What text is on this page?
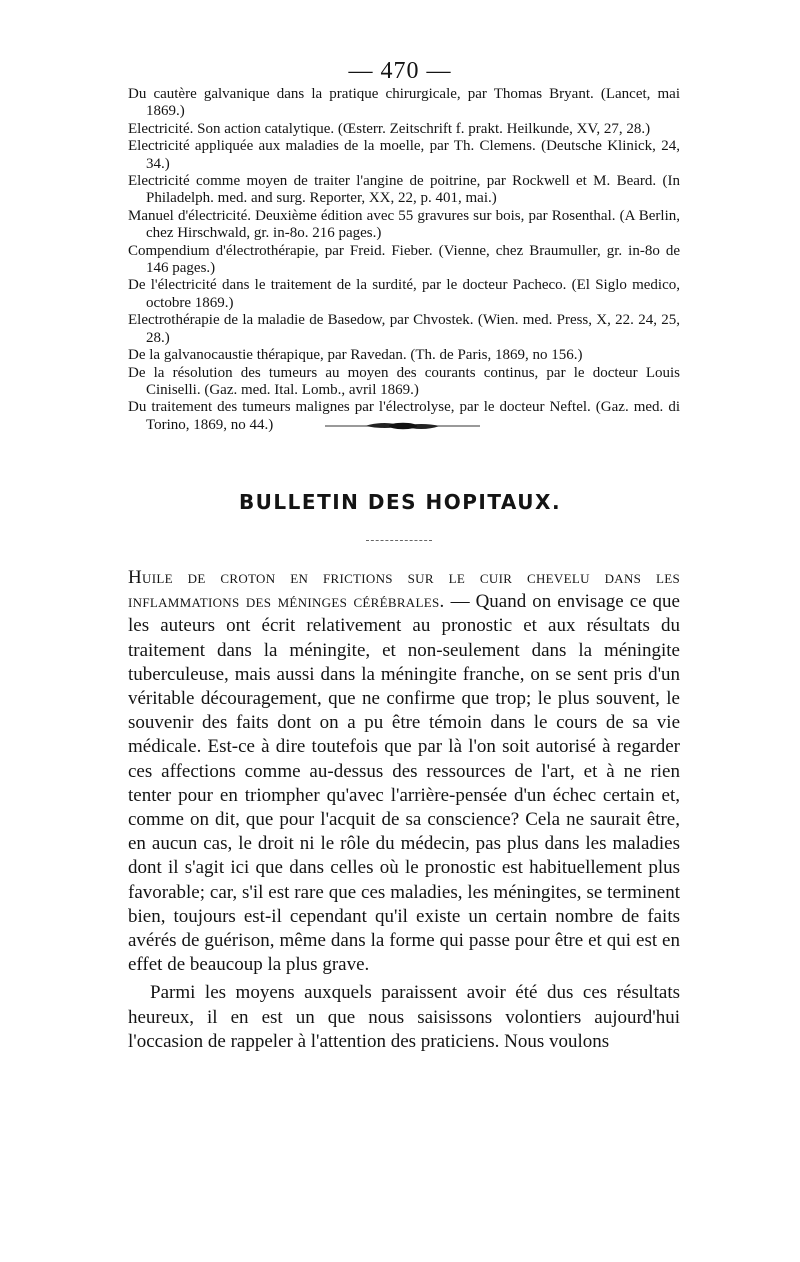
— 470 —
Du cautère galvanique dans la pratique chirurgicale, par Thomas Bryant. (Lancet, mai 1869.)
Electricité. Son action catalytique. (Œsterr. Zeitschrift f. prakt. Heilkunde, XV, 27, 28.)
Electricité appliquée aux maladies de la moelle, par Th. Clemens. (Deutsche Klinick, 24, 34.)
Electricité comme moyen de traiter l'angine de poitrine, par Rockwell et M. Beard. (In Philadelph. med. and surg. Reporter, XX, 22, p. 401, mai.)
Manuel d'électricité. Deuxième édition avec 55 gravures sur bois, par Rosenthal. (A Berlin, chez Hirschwald, gr. in-8o. 216 pages.)
Compendium d'électrothérapie, par Freid. Fieber. (Vienne, chez Braumuller, gr. in-8o de 146 pages.)
De l'électricité dans le traitement de la surdité, par le docteur Pacheco. (El Siglo medico, octobre 1869.)
Electrothérapie de la maladie de Basedow, par Chvostek. (Wien. med. Press, X, 22. 24, 25, 28.)
De la galvanocaustie thérapique, par Ravedan. (Th. de Paris, 1869, no 156.)
De la résolution des tumeurs au moyen des courants continus, par le docteur Louis Ciniselli. (Gaz. med. Ital. Lomb., avril 1869.)
Du traitement des tumeurs malignes par l'électrolyse, par le docteur Neftel. (Gaz. med. di Torino, 1869, no 44.)
BULLETIN DES HOPITAUX.

Huile de croton en frictions sur le cuir chevelu dans les inflammations des méninges cérébrales. — Quand on envisage ce que les auteurs ont écrit relativement au pronostic et aux résultats du traitement dans la méningite, et non-seulement dans la méningite tuberculeuse, mais aussi dans la méningite franche, on se sent pris d'un véritable découragement, que ne confirme que trop; le plus souvent, le souvenir des faits dont on a pu être témoin dans le cours de sa vie médicale. Est-ce à dire toutefois que par là l'on soit autorisé à regarder ces affections comme au-dessus des ressources de l'art, et à ne rien tenter pour en triompher qu'avec l'arrière-pensée d'un échec certain et, comme on dit, que pour l'acquit de sa conscience? Cela ne saurait être, en aucun cas, le droit ni le rôle du médecin, pas plus dans les maladies dont il s'agit ici que dans celles où le pronostic est habituellement plus favorable; car, s'il est rare que ces maladies, les méningites, se terminent bien, toujours est-il cependant qu'il existe un certain nombre de faits avérés de guérison, même dans la forme qui passe pour être et qui est en effet de beaucoup la plus grave.

Parmi les moyens auxquels paraissent avoir été dus ces résultats heureux, il en est un que nous saisissons volontiers aujourd'hui l'occasion de rappeler à l'attention des praticiens. Nous voulons
